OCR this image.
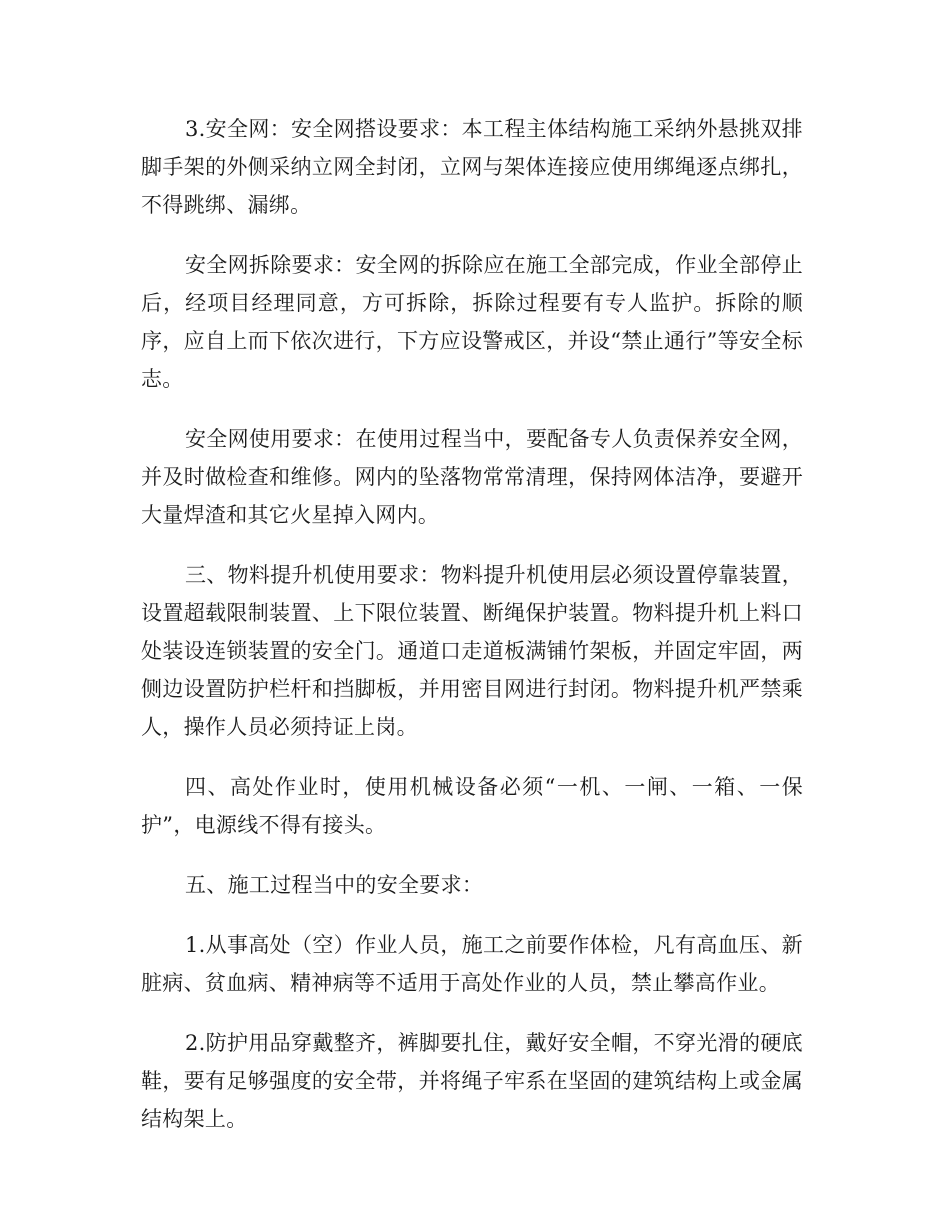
3.安全网：安全网搭设要求：本工程主体结构施工采纳外悬挑双排脚手架的外侧采纳立网全封闭，立网与架体连接应使用绑绳逐点绑扎，不得跳绑、漏绑。

安全网拆除要求：安全网的拆除应在施工全部完成，作业全部停止后，经项目经理同意，方可拆除，拆除过程要有专人监护。拆除的顺序，应自上而下依次进行，下方应设警戒区，并设“禁止通行”等安全标志。

安全网使用要求：在使用过程当中，要配备专人负责保养安全网，并及时做检查和维修。网内的坠落物常常清理，保持网体洁净，要避开大量焊渣和其它火星掉入网内。

三、物料提升机使用要求：物料提升机使用层必须设置停靠装置，设置超载限制装置、上下限位装置、断绳保护装置。物料提升机上料口处装设连锁装置的安全门。通道口走道板满铺竹架板，并固定牢固，两侧边设置防护栏杆和挡脚板，并用密目网进行封闭。物料提升机严禁乘人，操作人员必须持证上岗。

四、高处作业时，使用机械设备必须“一机、一闸、一箱、一保护”，电源线不得有接头。

五、施工过程当中的安全要求：

1.从事高处（空）作业人员，施工之前要作体检，凡有高血压、新脏病、贫血病、精神病等不适用于高处作业的人员，禁止攀高作业。

2.防护用品穿戴整齐，裤脚要扎住，戴好安全帽，不穿光滑的硬底鞋，要有足够强度的安全带，并将绳子牢系在坚固的建筑结构上或金属结构架上。
